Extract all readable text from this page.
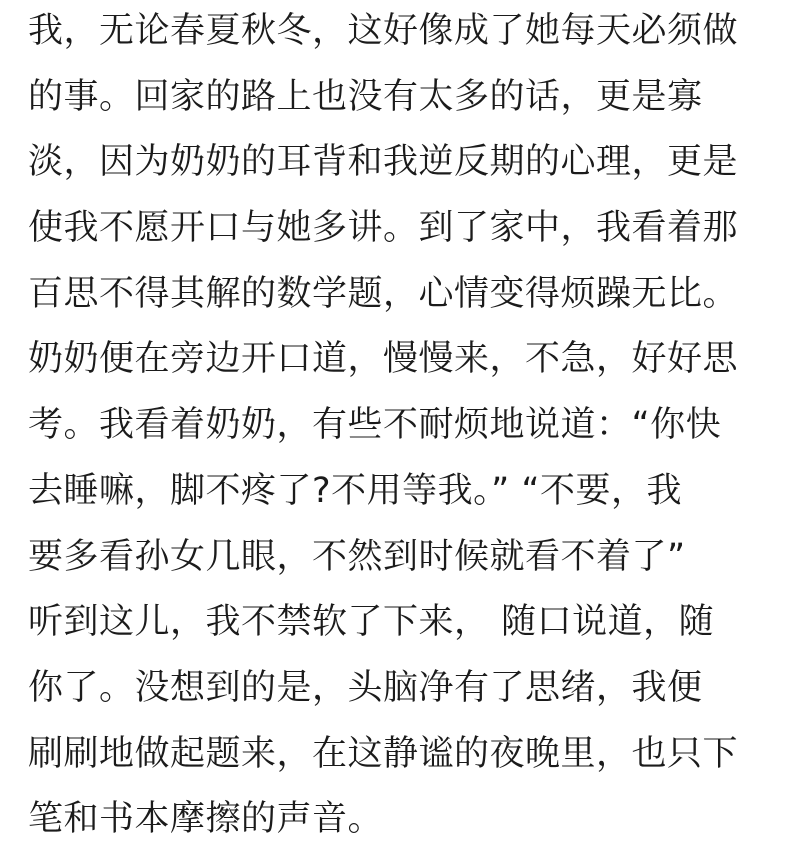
我，无论春夏秋冬，这好像成了她每天必须做
的事。回家的路上也没有太多的话，更是寡
淡，因为奶奶的耳背和我逆反期的心理，更是
使我不愿开口与她多讲。到了家中，我看着那
百思不得其解的数学题，心情变得烦躁无比。
奶奶便在旁边开口道，慢慢来，不急，好好思
考。我看着奶奶，有些不耐烦地说道：“你快
去睡嘛，脚不疼了?不用等我。” “不要，我
要多看孙女几眼，不然到时候就看不着了”
听到这儿，我不禁软了下来， 随口说道，随
你了。没想到的是，头脑净有了思绪，我便
刷刷地做起题来，在这静谧的夜晚里，也只下
笔和书本摩擦的声音。
